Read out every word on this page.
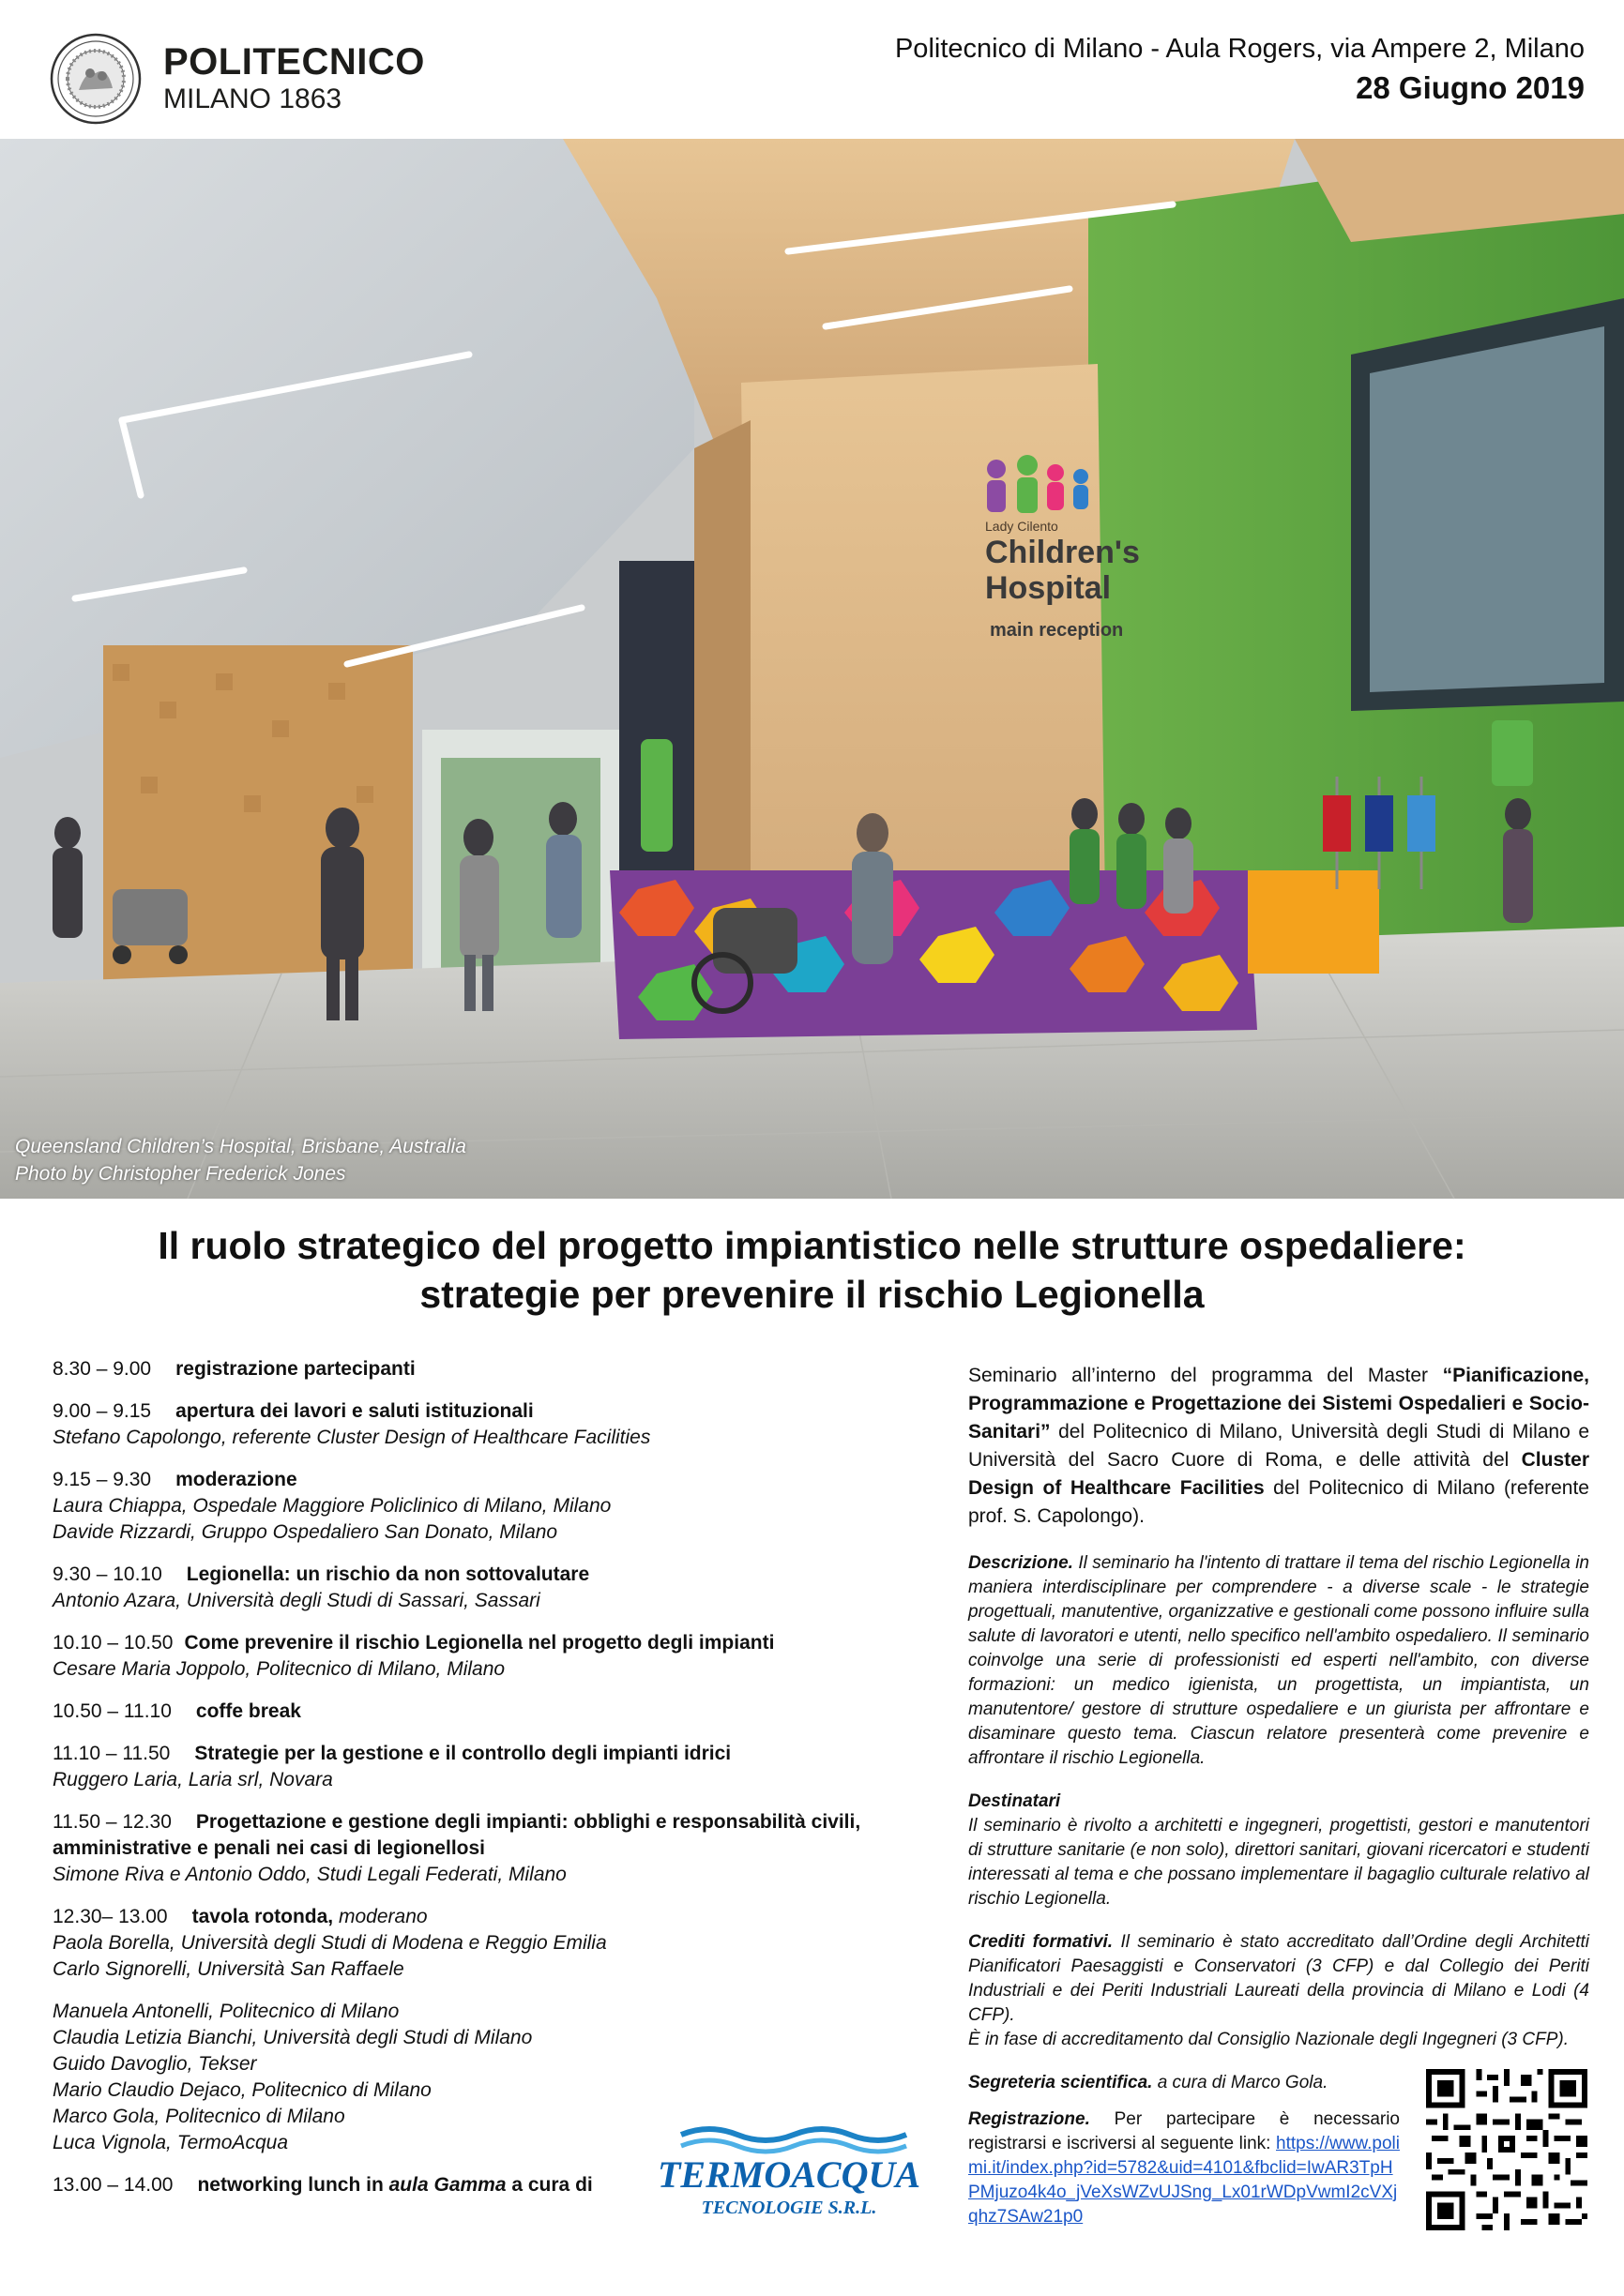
POLITECNICO
MILANO 1863
Politecnico di Milano - Aula Rogers, via Ampere 2, Milano
28 Giugno 2019
Lady Cilento
Children's
Hospital
main reception
Queensland Children’s Hospital, Brisbane, Australia
Photo by Christopher Frederick Jones
Il ruolo strategico del progetto impiantistico nelle strutture ospedaliere:
strategie per prevenire il rischio Legionella
8.30 – 9.00 registrazione partecipanti
9.00 – 9.15 apertura dei lavori e saluti istituzionali
Stefano Capolongo, referente Cluster Design of Healthcare Facilities
9.15 – 9.30 moderazione
Laura Chiappa, Ospedale Maggiore Policlinico di Milano, Milano
Davide Rizzardi, Gruppo Ospedaliero San Donato, Milano
9.30 – 10.10 Legionella: un rischio da non sottovalutare
Antonio Azara, Università degli Studi di Sassari, Sassari
10.10 – 10.50 Come prevenire il rischio Legionella nel progetto degli impianti
Cesare Maria Joppolo, Politecnico di Milano, Milano
10.50 – 11.10 coffe break
11.10 – 11.50 Strategie per la gestione e il controllo degli impianti idrici
Ruggero Laria, Laria srl, Novara
11.50 – 12.30 Progettazione e gestione degli impianti: obblighi e responsabilità civili,
amministrative e penali nei casi di legionellosi
Simone Riva e Antonio Oddo, Studi Legali Federati, Milano
12.30– 13.00 tavola rotonda, moderano
Paola Borella, Università degli Studi di Modena e Reggio Emilia
Carlo Signorelli, Università San Raffaele
Manuela Antonelli, Politecnico di Milano
Claudia Letizia Bianchi, Università degli Studi di Milano
Guido Davoglio, Tekser
Mario Claudio Dejaco, Politecnico di Milano
Marco Gola, Politecnico di Milano
Luca Vignola, TermoAcqua
13.00 – 14.00 networking lunch in aula Gamma a cura di	TERMOACQUA
TECNOLOGIE S.R.L.
Seminario all’interno del programma del Master “Pianificazione, Programmazione e Progettazione dei Sistemi Ospedalieri e Socio-Sanitari” del Politecnico di Milano, Università degli Studi di Milano e Università del Sacro Cuore di Roma, e delle attività del Cluster Design of Healthcare Facilities del Politecnico di Milano (referente prof. S. Capolongo).
Descrizione. Il seminario ha l'intento di trattare il tema del rischio Legionella in maniera interdisciplinare per comprendere - a diverse scale - le strategie progettuali, manutentive, organizzative e gestionali come possono influire sulla salute di lavoratori e utenti, nello specifico nell'ambito ospedaliero. Il seminario coinvolge una serie di professionisti ed esperti nell'ambito, con diverse formazioni: un medico igienista, un progettista, un impiantista, un manutentore/ gestore di strutture ospedaliere e un giurista per affrontare e disaminare questo tema. Ciascun relatore presenterà come prevenire e affrontare il rischio Legionella.
Destinatari
Il seminario è rivolto a architetti e ingegneri, progettisti, gestori e manutentori di strutture sanitarie (e non solo), direttori sanitari, giovani ricercatori e studenti interessati al tema e che possano implementare il bagaglio culturale relativo al rischio Legionella.
Crediti formativi. Il seminario è stato accreditato dall’Ordine degli Architetti Pianificatori Paesaggisti e Conservatori (3 CFP) e dal Collegio dei Periti Industriali e dei Periti Industriali Laureati della provincia di Milano e Lodi (4 CFP).
È in fase di accreditamento dal Consiglio Nazionale degli Ingegneri (3 CFP).
Segreteria scientifica. a cura di Marco Gola.
Registrazione. Per partecipare è necessario registrarsi e iscriversi al seguente link: https://www.polimi.it/index.php?id=5782&uid=4101&fbclid=IwAR3TpHPMjuzo4k4o_jVeXsWZvUJSng_Lx01rWDpVwmI2cVXjqhz7SAw21p0
